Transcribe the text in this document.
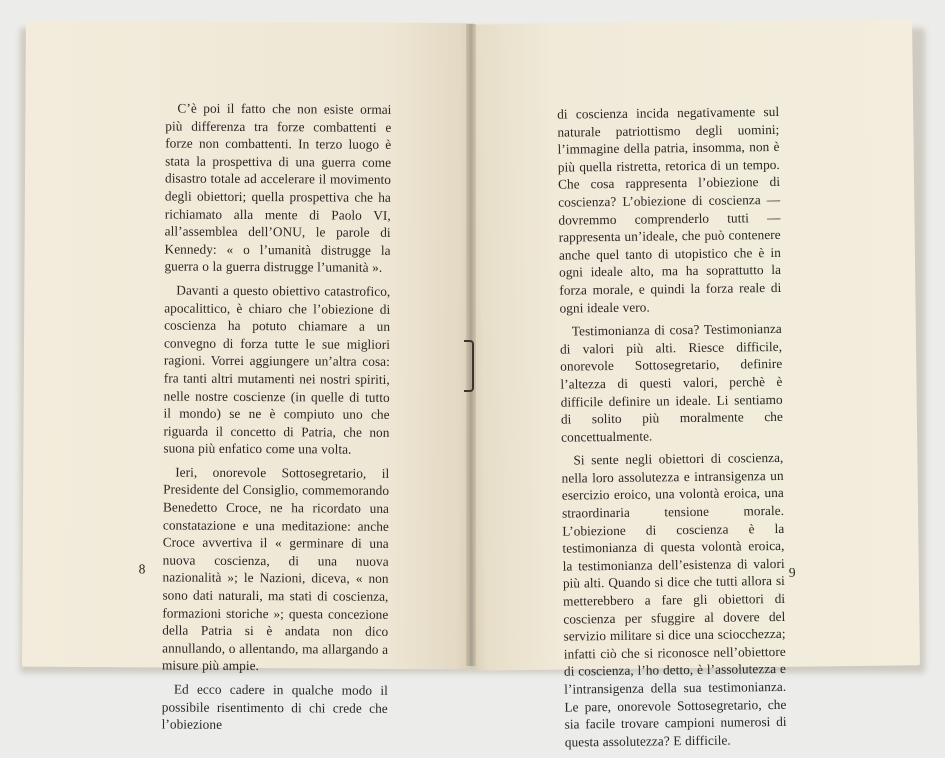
C’è poi il fatto che non esiste ormai più differenza tra forze combattenti e forze non combattenti. In terzo luogo è stata la prospettiva di una guerra come disastro totale ad accelerare il movimento degli obiettori; quella prospettiva che ha richiamato alla mente di Paolo VI, all’assemblea dell’ONU, le parole di Kennedy: « o l’umanità distrugge la guerra o la guerra distrugge l’umanità ».

Davanti a questo obiettivo catastrofico, apocalittico, è chiaro che l’obiezione di coscienza ha potuto chiamare a un convegno di forza tutte le sue migliori ragioni. Vorrei aggiungere un’altra cosa: fra tanti altri mutamenti nei nostri spiriti, nelle nostre coscienze (in quelle di tutto il mondo) se ne è compiuto uno che riguarda il concetto di Patria, che non suona più enfatico come una volta.

Ieri, onorevole Sottosegretario, il Presidente del Consiglio, commemorando Benedetto Croce, ne ha ricordato una constatazione e una meditazione: anche Croce avvertiva il « germinare di una nuova coscienza, di una nuova nazionalità »; le Nazioni, diceva, « non sono dati naturali, ma stati di coscienza, formazioni storiche »; questa concezione della Patria si è andata non dico annullando, o allentando, ma allargando a misure più ampie.

Ed ecco cadere in qualche modo il possibile risentimento di chi crede che l’obiezione

8

di coscienza incida negativamente sul naturale patriottismo degli uomini; l’immagine della patria, insomma, non è più quella ristretta, retorica di un tempo. Che cosa rappresenta l’obiezione di coscienza? L’obiezione di coscienza — dovremmo comprenderlo tutti — rappresenta un’ideale, che può contenere anche quel tanto di utopistico che è in ogni ideale alto, ma ha soprattutto la forza morale, e quindi la forza reale di ogni ideale vero.

Testimonianza di cosa? Testimonianza di valori più alti. Riesce difficile, onorevole Sottosegretario, definire l’altezza di questi valori, perchè è difficile definire un ideale. Li sentiamo di solito più moralmente che concettualmente.

Si sente negli obiettori di coscienza, nella loro assolutezza e intransigenza un esercizio eroico, una volontà eroica, una straordinaria tensione morale. L’obiezione di coscienza è la testimonianza di questa volontà eroica, la testimonianza dell’esistenza di valori più alti. Quando si dice che tutti allora si metterebbero a fare gli obiettori di coscienza per sfuggire al dovere del servizio militare si dice una sciocchezza; infatti ciò che si riconosce nell’obiettore di coscienza, l’ho detto, è l’assolutezza e l’intransigenza della sua testimonianza. Le pare, onorevole Sottosegretario, che sia facile trovare campioni numerosi di questa assolutezza? E difficile.

9
